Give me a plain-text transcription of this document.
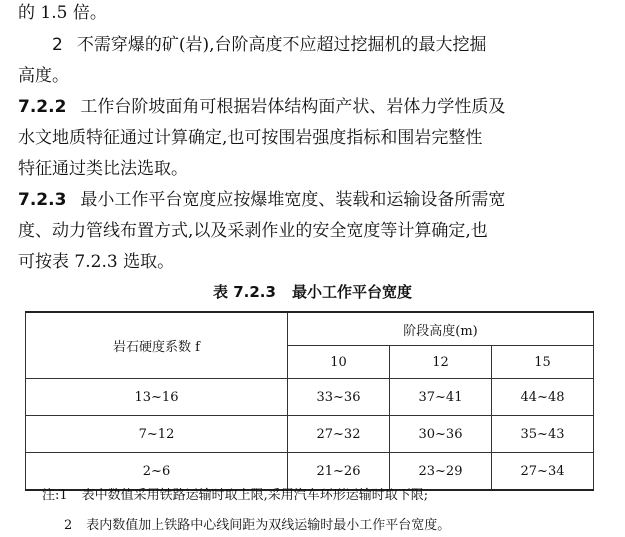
的 1.5 倍。
2 不需穿爆的矿(岩),台阶高度不应超过挖掘机的最大挖掘
高度。
7.2.2 工作台阶坡面角可根据岩体结构面产状、岩体力学性质及
水文地质特征通过计算确定,也可按围岩强度指标和围岩完整性
特征通过类比法选取。
7.2.3 最小工作平台宽度应按爆堆宽度、装载和运输设备所需宽
度、动力管线布置方式,以及采剥作业的安全宽度等计算确定,也
可按表 7.2.3 选取。
表 7.2.3 最小工作平台宽度
岩石硬度系数 f	阶段高度(m)		
	10	12	15
13~16	33~36	37~41	44~48
7~12	27~32	30~36	35~43
2~6	21~26	23~29	27~34
注:1 表中数值采用铁路运输时取上限,采用汽车环形运输时取下限;
2 表内数值加上铁路中心线间距为双线运输时最小工作平台宽度。
